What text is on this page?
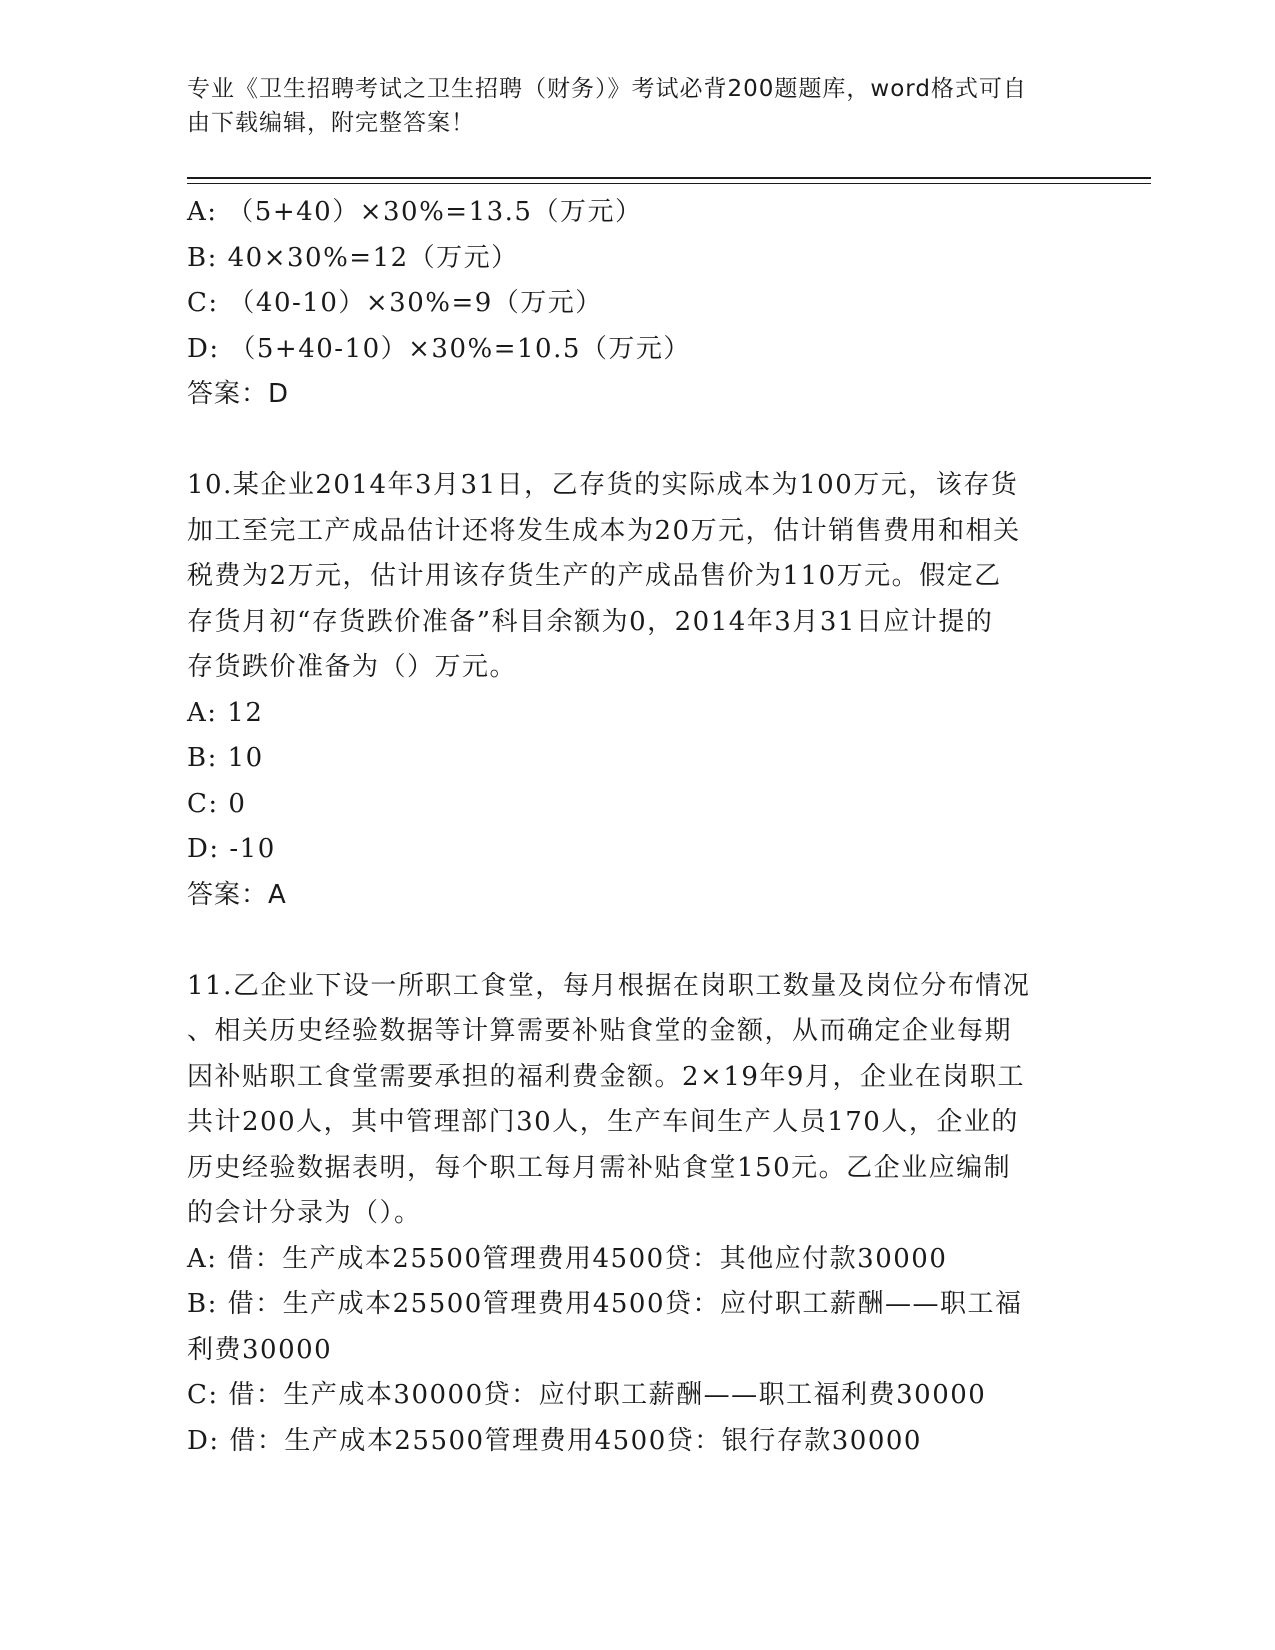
专业《卫生招聘考试之卫生招聘（财务）》考试必背200题题库，word格式可自
由下载编辑，附完整答案！

A: （5+40）×30%=13.5（万元）

B: 40×30%=12（万元）

C: （40-10）×30%=9（万元）

D: （5+40-10）×30%=10.5（万元）

答案：D

10.某企业2014年3月31日，乙存货的实际成本为100万元，该存货

加工至完工产成品估计还将发生成本为20万元，估计销售费用和相关

税费为2万元，估计用该存货生产的产成品售价为110万元。假定乙

存货月初“存货跌价准备”科目余额为0，2014年3月31日应计提的

存货跌价准备为（）万元。

A: 12

B: 10

C: 0

D: -10

答案：A

11.乙企业下设一所职工食堂，每月根据在岗职工数量及岗位分布情况

、相关历史经验数据等计算需要补贴食堂的金额，从而确定企业每期

因补贴职工食堂需要承担的福利费金额。2×19年9月，企业在岗职工

共计200人，其中管理部门30人，生产车间生产人员170人，企业的

历史经验数据表明，每个职工每月需补贴食堂150元。乙企业应编制

的会计分录为（）。

A: 借：生产成本25500管理费用4500贷：其他应付款30000

B: 借：生产成本25500管理费用4500贷：应付职工薪酬——职工福

利费30000

C: 借：生产成本30000贷：应付职工薪酬——职工福利费30000

D: 借：生产成本25500管理费用4500贷：银行存款30000
